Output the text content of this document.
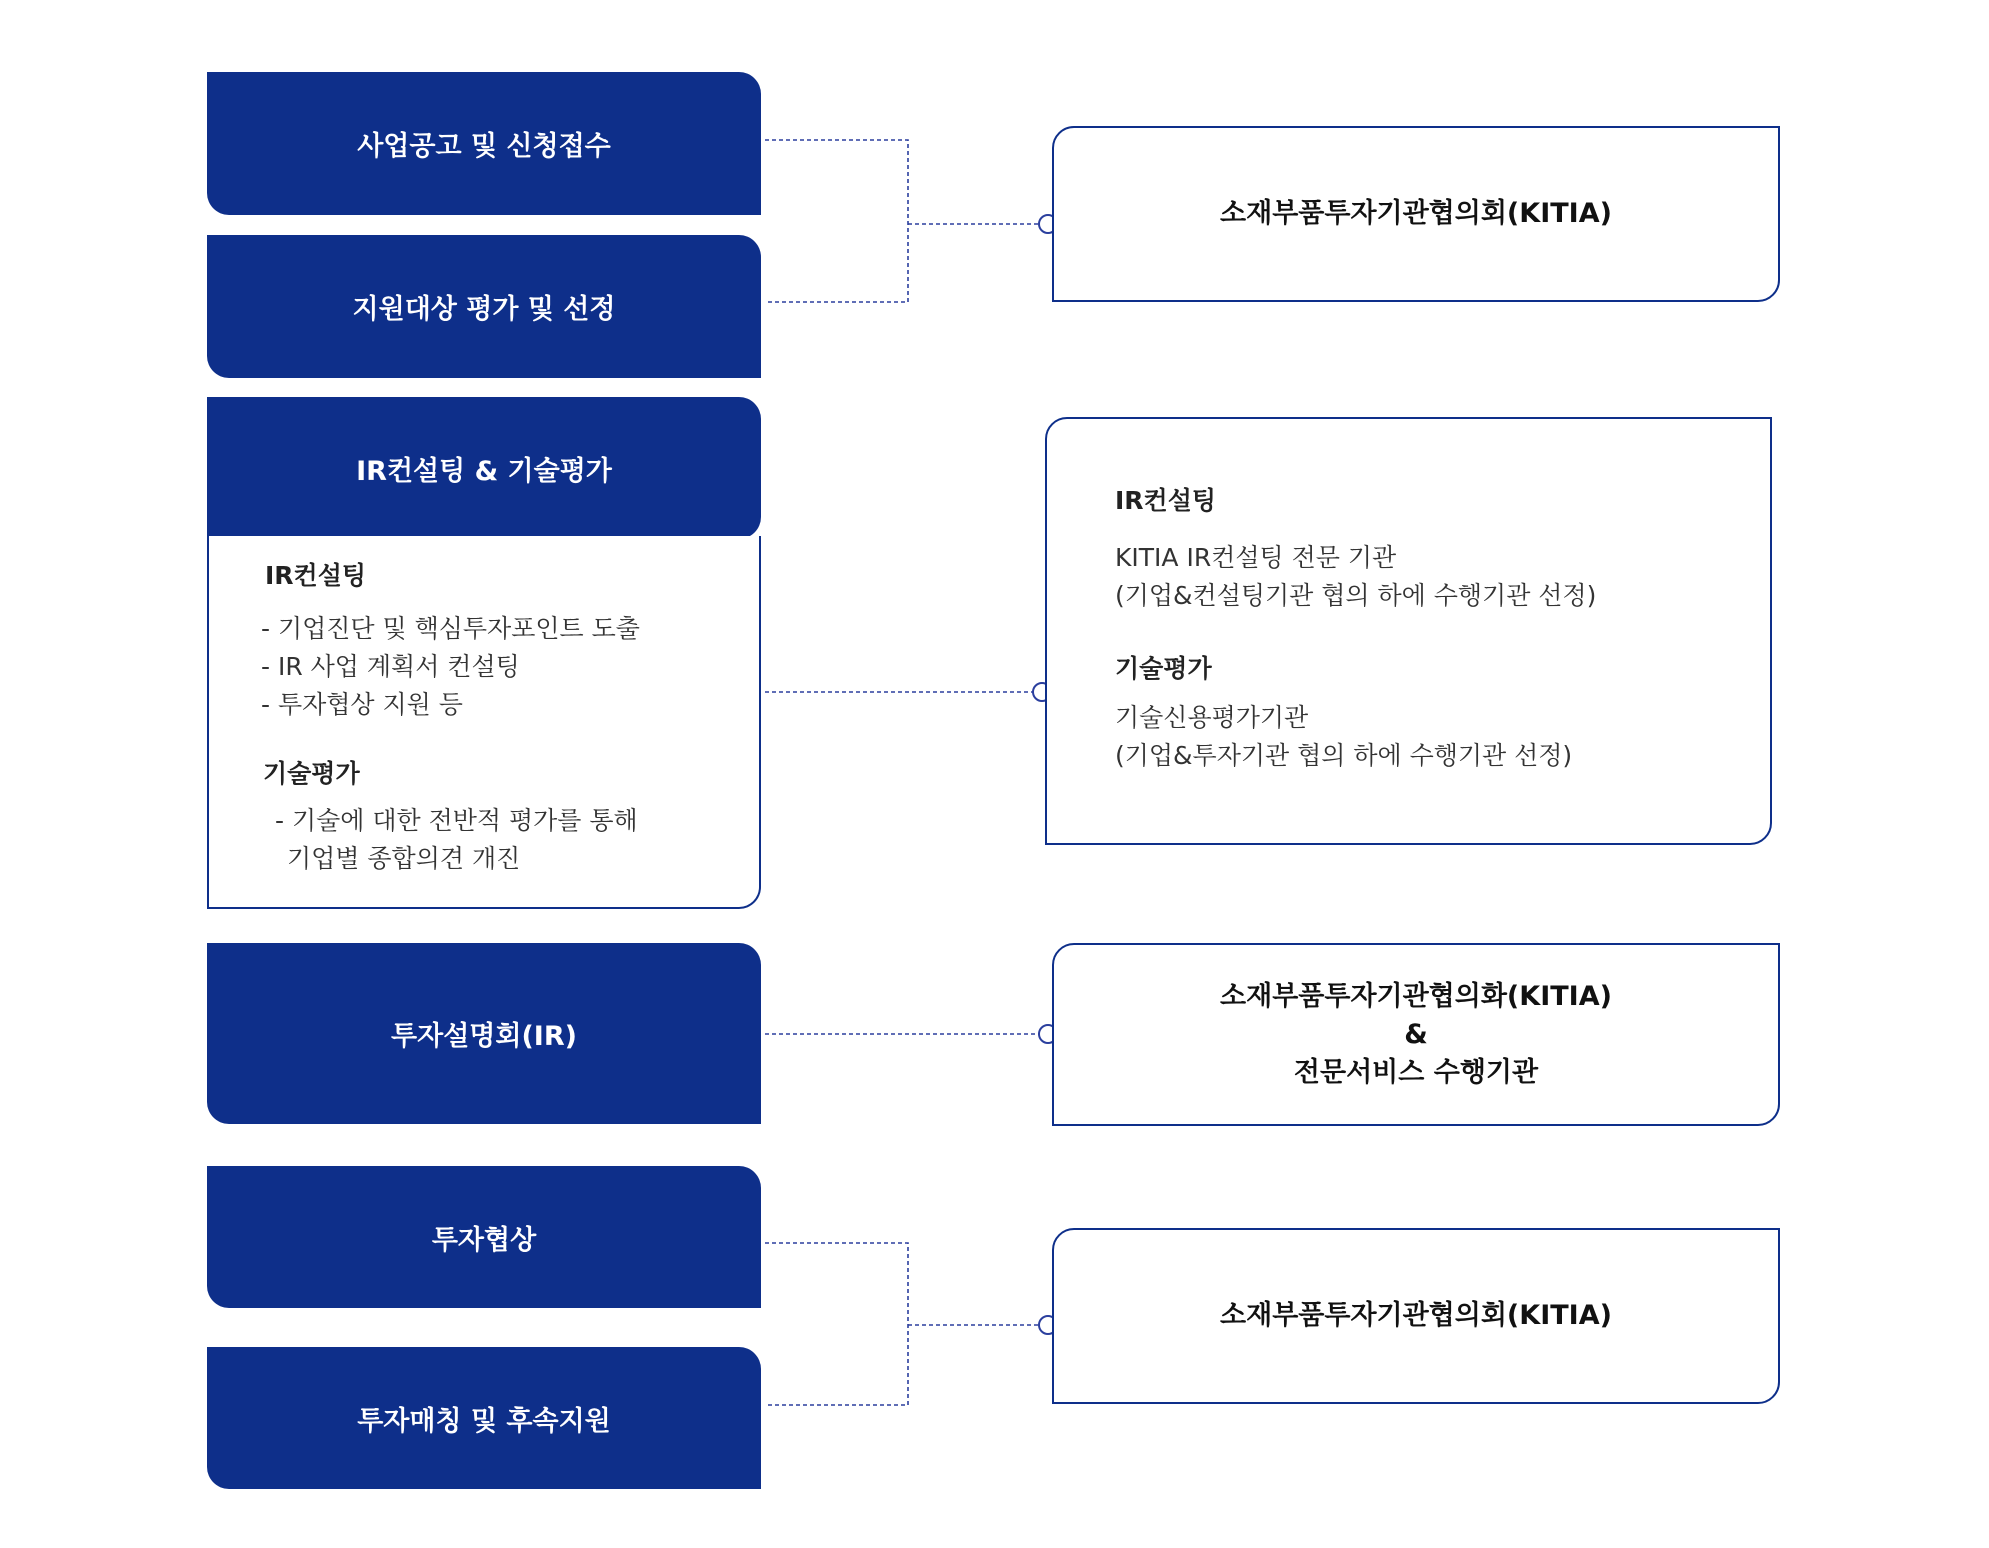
사업공고 및 신청접수
지원대상 평가 및 선정
IR컨설팅 & 기술평가

IR컨설팅

- 기업진단 및 핵심투자포인트 도출

- IR 사업 계획서 컨설팅

- 투자협상 지원 등

기술평가

- 기술에 대한 전반적 평가를 통해

기업별 종합의견 개진

투자설명회(IR)
투자협상
투자매칭 및 후속지원
소재부품투자기관협의회(KITIA)

IR컨설팅

KITIA IR컨설팅 전문 기관

(기업&컨설팅기관 협의 하에 수행기관 선정)

기술평가

기술신용평가기관

(기업&투자기관 협의 하에 수행기관 선정)

소재부품투자기관협의화(KITIA)
&
전문서비스 수행기관
소재부품투자기관협의회(KITIA)
